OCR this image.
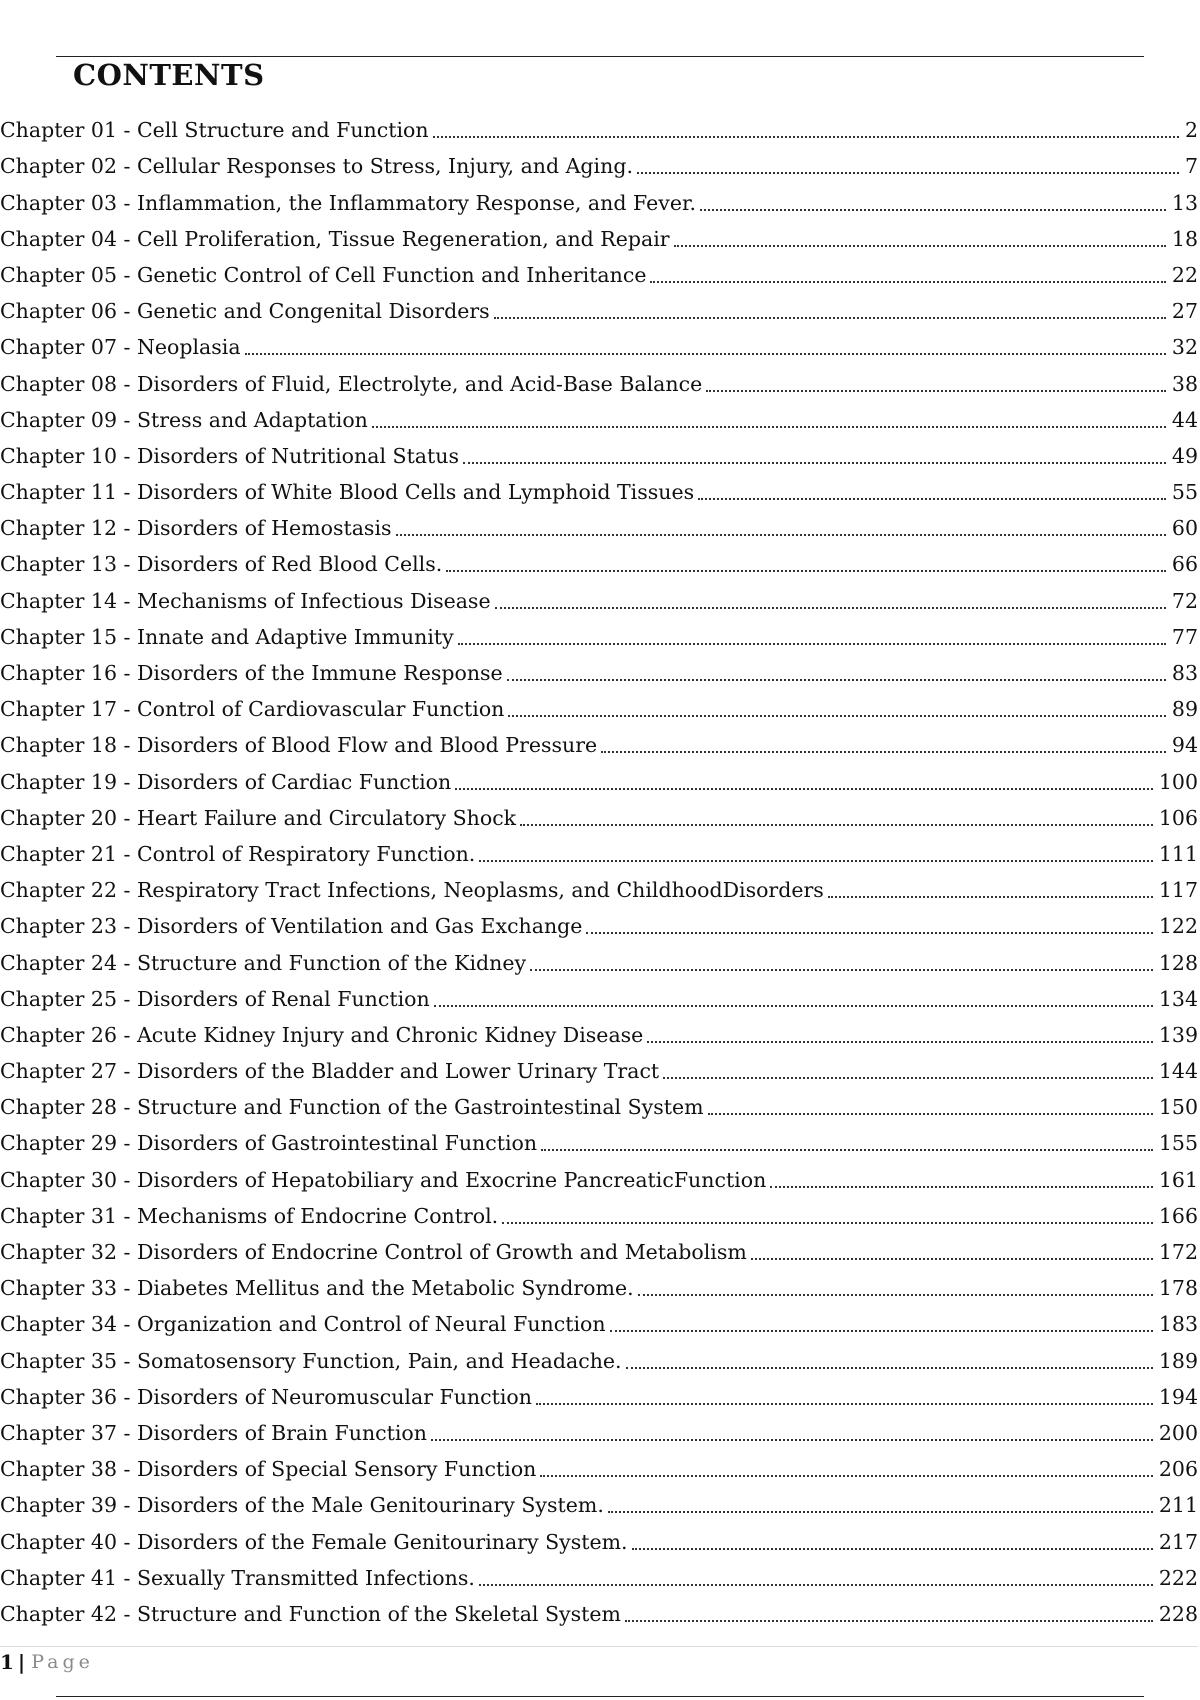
CONTENTS
Chapter 01 - Cell Structure and Function	2
Chapter 02 - Cellular Responses to Stress, Injury, and Aging.	7
Chapter 03 - Inflammation, the Inflammatory Response, and Fever.	13
Chapter 04 - Cell Proliferation, Tissue Regeneration, and Repair	18
Chapter 05 - Genetic Control of Cell Function and Inheritance	22
Chapter 06 - Genetic and Congenital Disorders	27
Chapter 07 - Neoplasia	32
Chapter 08 - Disorders of Fluid, Electrolyte, and Acid-Base Balance	38
Chapter 09 - Stress and Adaptation	44
Chapter 10 - Disorders of Nutritional Status	49
Chapter 11 - Disorders of White Blood Cells and Lymphoid Tissues	55
Chapter 12 - Disorders of Hemostasis	60
Chapter 13 - Disorders of Red Blood Cells.	66
Chapter 14 - Mechanisms of Infectious Disease	72
Chapter 15 - Innate and Adaptive Immunity	77
Chapter 16 - Disorders of the Immune Response	83
Chapter 17 - Control of Cardiovascular Function	89
Chapter 18 - Disorders of Blood Flow and Blood Pressure	94
Chapter 19 - Disorders of Cardiac Function	100
Chapter 20 - Heart Failure and Circulatory Shock	106
Chapter 21 - Control of Respiratory Function.	111
Chapter 22 - Respiratory Tract Infections, Neoplasms, and ChildhoodDisorders	117
Chapter 23 - Disorders of Ventilation and Gas Exchange	122
Chapter 24 - Structure and Function of the Kidney	128
Chapter 25 - Disorders of Renal Function	134
Chapter 26 - Acute Kidney Injury and Chronic Kidney Disease	139
Chapter 27 - Disorders of the Bladder and Lower Urinary Tract	144
Chapter 28 - Structure and Function of the Gastrointestinal System	150
Chapter 29 - Disorders of Gastrointestinal Function	155
Chapter 30 - Disorders of Hepatobiliary and Exocrine PancreaticFunction	161
Chapter 31 - Mechanisms of Endocrine Control.	166
Chapter 32 - Disorders of Endocrine Control of Growth and Metabolism	172
Chapter 33 - Diabetes Mellitus and the Metabolic Syndrome.	178
Chapter 34 - Organization and Control of Neural Function	183
Chapter 35 - Somatosensory Function, Pain, and Headache.	189
Chapter 36 - Disorders of Neuromuscular Function	194
Chapter 37 - Disorders of Brain Function	200
Chapter 38 - Disorders of Special Sensory Function	206
Chapter 39 - Disorders of the Male Genitourinary System.	211
Chapter 40 - Disorders of the Female Genitourinary System.	217
Chapter 41 - Sexually Transmitted Infections.	222
Chapter 42 - Structure and Function of the Skeletal System	228
1 | Page
